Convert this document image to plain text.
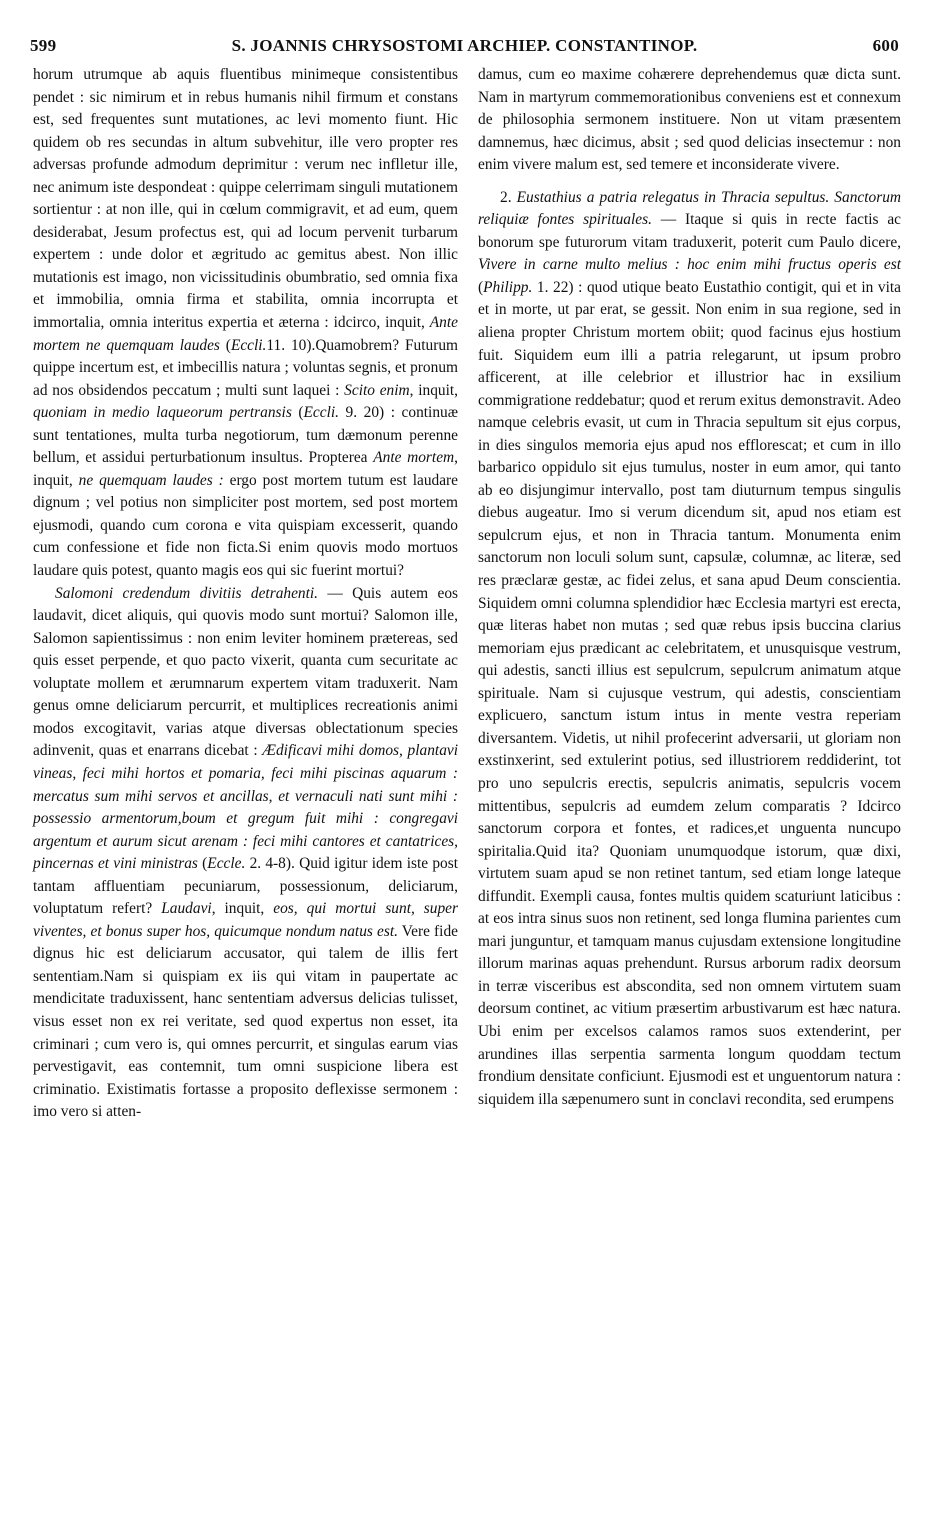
599	S. JOANNIS CHRYSOSTOMI ARCHIEP. CONSTANTINOP.	600

horum utrumque ab aquis fluentibus minimeque consistentibus pendet : sic nimirum et in rebus humanis nihil firmum et constans est, sed frequentes sunt mutationes, ac levi momento fiunt. Hic quidem ob res secundas in altum subvehitur, ille vero propter res adversas profunde admodum deprimitur : verum nec inflletur ille, nec animum iste despondeat : quippe celerrimam singuli mutationem sortientur : at non ille, qui in cœlum commigravit, et ad eum, quem desiderabat, Jesum profectus est, qui ad locum pervenit turbarum expertem : unde dolor et ægritudo ac gemitus abest. Non illic mutationis est imago, non vicissitudinis obumbratio, sed omnia fixa et immobilia, omnia firma et stabilita, omnia incorrupta et immortalia, omnia interitus expertia et æterna : idcirco, inquit, Ante mortem ne quemquam laudes (Eccli.11. 10).Quamobrem? Futurum quippe incertum est, et imbecillis natura ; voluntas segnis, et pronum ad nos obsidendos peccatum ; multi sunt laquei : Scito enim, inquit, quoniam in medio laqueorum pertransis (Eccli. 9. 20) : continuæ sunt tentationes, multa turba negotiorum, tum dæmonum perenne bellum, et assidui perturbationum insultus. Propterea Ante mortem, inquit, ne quemquam laudes : ergo post mortem tutum est laudare dignum ; vel potius non simpliciter post mortem, sed post mortem ejusmodi, quando cum corona e vita quispiam excesserit, quando cum confessione et fide non ficta.Si enim quovis modo mortuos laudare quis potest, quanto magis eos qui sic fuerint mortui?

Salomoni credendum divitiis detrahenti. — Quis autem eos laudavit, dicet aliquis, qui quovis modo sunt mortui? Salomon ille, Salomon sapientissimus : non enim leviter hominem prætereas, sed quis esset perpende, et quo pacto vixerit, quanta cum securitate ac voluptate mollem et ærumnarum expertem vitam traduxerit. Nam genus omne deliciarum percurrit, et multiplices recreationis animi modos excogitavit, varias atque diversas oblectationum species adinvenit, quas et enarrans dicebat : Ædificavi mihi domos, plantavi vineas, feci mihi hortos et pomaria, feci mihi piscinas aquarum : mercatus sum mihi servos et ancillas, et vernaculi nati sunt mihi : possessio armentorum,boum et gregum fuit mihi : congregavi argentum et aurum sicut arenam : feci mihi cantores et cantatrices, pincernas et vini ministras (Eccle. 2. 4-8). Quid igitur idem iste post tantam affluentiam pecuniarum, possessionum, deliciarum, voluptatum refert? Laudavi, inquit, eos, qui mortui sunt, super viventes, et bonus super hos, quicumque nondum natus est. Vere fide dignus hic est deliciarum accusator, qui talem de illis fert sententiam.Nam si quispiam ex iis qui vitam in paupertate ac mendicitate traduxissent, hanc sententiam adversus delicias tulisset, visus esset non ex rei veritate, sed quod expertus non esset, ita criminari ; cum vero is, qui omnes percurrit, et singulas earum vias pervestigavit, eas contemnit, tum omni suspicione libera est criminatio. Existimatis fortasse a proposito deflexisse sermonem : imo vero si atten-

damus, cum eo maxime cohærere deprehendemus quæ dicta sunt. Nam in martyrum commemorationibus conveniens est et connexum de philosophia sermonem instituere. Non ut vitam præsentem damnemus, hæc dicimus, absit ; sed quod delicias insectemur : non enim vivere malum est, sed temere et inconsiderate vivere.

2. Eustathius a patria relegatus in Thracia sepultus. Sanctorum reliquiæ fontes spirituales. — Itaque si quis in recte factis ac bonorum spe futurorum vitam traduxerit, poterit cum Paulo dicere, Vivere in carne multo melius : hoc enim mihi fructus operis est (Philipp. 1. 22) : quod utique beato Eustathio contigit, qui et in vita et in morte, ut par erat, se gessit. Non enim in sua regione, sed in aliena propter Christum mortem obiit; quod facinus ejus hostium fuit. Siquidem eum illi a patria relegarunt, ut ipsum probro afficerent, at ille celebrior et illustrior hac in exsilium commigratione reddebatur; quod et rerum exitus demonstravit. Adeo namque celebris evasit, ut cum in Thracia sepultum sit ejus corpus, in dies singulos memoria ejus apud nos efflorescat; et cum in illo barbarico oppidulo sit ejus tumulus, noster in eum amor, qui tanto ab eo disjungimur intervallo, post tam diuturnum tempus singulis diebus augeatur. Imo si verum dicendum sit, apud nos etiam est sepulcrum ejus, et non in Thracia tantum. Monumenta enim sanctorum non loculi solum sunt, capsulæ, columnæ, ac literæ, sed res præclaræ gestæ, ac fidei zelus, et sana apud Deum conscientia. Siquidem omni columna splendidior hæc Ecclesia martyri est erecta, quæ literas habet non mutas ; sed quæ rebus ipsis buccina clarius memoriam ejus prædicant ac celebritatem, et unusquisque vestrum, qui adestis, sancti illius est sepulcrum, sepulcrum animatum atque spirituale. Nam si cujusque vestrum, qui adestis, conscientiam explicuero, sanctum istum intus in mente vestra reperiam diversantem. Videtis, ut nihil profecerint adversarii, ut gloriam non exstinxerint, sed extulerint potius, sed illustriorem reddiderint, tot pro uno sepulcris erectis, sepulcris animatis, sepulcris vocem mittentibus, sepulcris ad eumdem zelum comparatis ? Idcirco sanctorum corpora et fontes, et radices,et unguenta nuncupo spiritalia.Quid ita? Quoniam unumquodque istorum, quæ dixi, virtutem suam apud se non retinet tantum, sed etiam longe lateque diffundit. Exempli causa, fontes multis quidem scaturiunt laticibus : at eos intra sinus suos non retinent, sed longa flumina parientes cum mari junguntur, et tamquam manus cujusdam extensione longitudine illorum marinas aquas prehendunt. Rursus arborum radix deorsum in terræ visceribus est abscondita, sed non omnem virtutem suam deorsum continet, ac vitium præsertim arbustivarum est hæc natura. Ubi enim per excelsos calamos ramos suos extenderint, per arundines illas serpentia sarmenta longum quoddam tectum frondium densitate conficiunt. Ejusmodi est et unguentorum natura : siquidem illa sæpenumero sunt in conclavi recondita, sed erumpens
